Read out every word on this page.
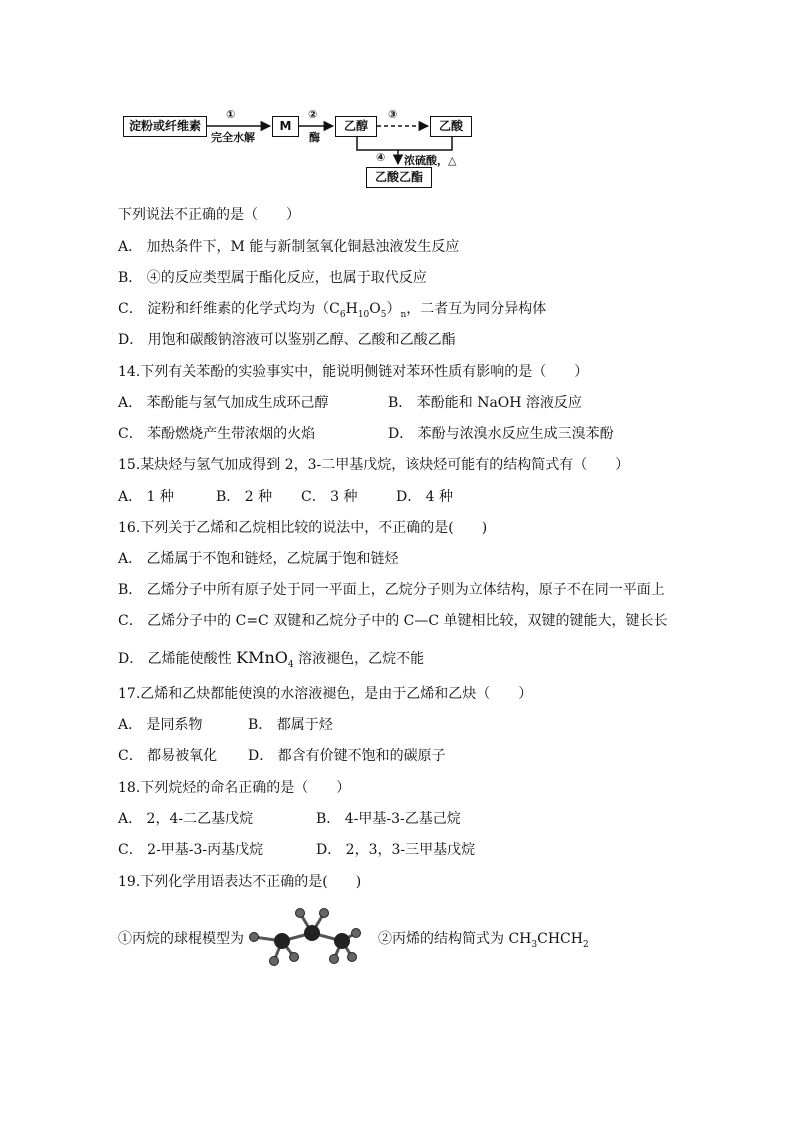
淀粉或纤维素	M	乙醇	乙酸
乙酸乙酯
①
完全水解
②
酶
③
④ 浓硫酸，△
下列说法不正确的是（　　）
A． 加热条件下，M 能与新制氢氧化铜悬浊液发生反应
B． ④的反应类型属于酯化反应，也属于取代反应
C． 淀粉和纤维素的化学式均为$(C_6H_{10}O_5)_n$，二者互为同分异构体
D． 用饱和碳酸钠溶液可以鉴别乙醇、乙酸和乙酸乙酯
14.下列有关苯酚的实验事实中，能说明侧链对苯环性质有影响的是（　　）
A． 苯酚能与氢气加成生成环己醇	B． 苯酚能和 NaOH 溶液反应
C． 苯酚燃烧产生带浓烟的火焰	D． 苯酚与浓溴水反应生成三溴苯酚
15.某炔烃与氢气加成得到 2，3-二甲基戊烷，该炔烃可能有的结构简式有（　　）
A． 1 种	B． 2 种 C． 3 种	D． 4 种
16.下列关于乙烯和乙烷相比较的说法中，不正确的是(　　)
A． 乙烯属于不饱和链烃，乙烷属于饱和链烃
B． 乙烯分子中所有原子处于同一平面上，乙烷分子则为立体结构，原子不在同一平面上
C． 乙烯分子中的 C=C 双键和乙烷分子中的 C—C 单键相比较，双键的键能大，键长长
D． 乙烯能使酸性 KMnO$_4$ 溶液褪色，乙烷不能
17.乙烯和乙炔都能使溴的水溶液褪色，是由于乙烯和乙炔（　　）
A． 是同系物	B． 都属于烃
C． 都易被氧化 D． 都含有价键不饱和的碳原子
18.下列烷烃的命名正确的是（　　）
A． 2，4-二乙基戊烷	B． 4-甲基-3-乙基己烷
C． 2-甲基-3-丙基戊烷	D． 2，3，3-三甲基戊烷
19.下列化学用语表达不正确的是(　　)
①丙烷的球棍模型为	②丙烯的结构简式为 $CH_3CHCH_2$
